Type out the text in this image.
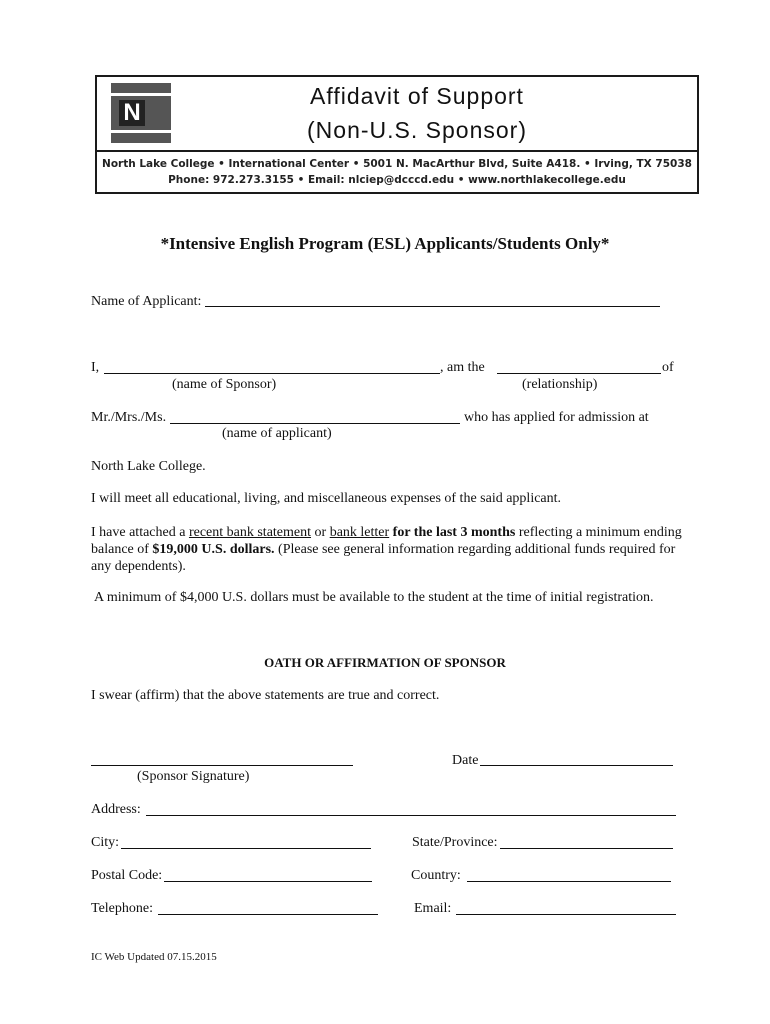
N
Affidavit of Support
(Non-U.S. Sponsor)
North Lake College • International Center • 5001 N. MacArthur Blvd, Suite A418. • Irving, TX 75038
Phone: 972.273.3155 • Email: nlciep@dcccd.edu • www.northlakecollege.edu
*Intensive English Program (ESL) Applicants/Students Only*
Name of Applicant:
I,	, am the	of
(name of Sponsor)	(relationship)
Mr./Mrs./Ms.	who has applied for admission at
(name of applicant)
North Lake College.
I will meet all educational, living, and miscellaneous expenses of the said applicant.
I have attached a recent bank statement or bank letter for the last 3 months reflecting a minimum ending
balance of $19,000 U.S. dollars. (Please see general information regarding additional funds required for
any dependents).
A minimum of $4,000 U.S. dollars must be available to the student at the time of initial registration.
OATH OR AFFIRMATION OF SPONSOR
I swear (affirm) that the above statements are true and correct.
(Sponsor Signature)
Date
Address:
City:	State/Province:
Postal Code:	Country:
Telephone:	Email:
IC Web Updated 07.15.2015
